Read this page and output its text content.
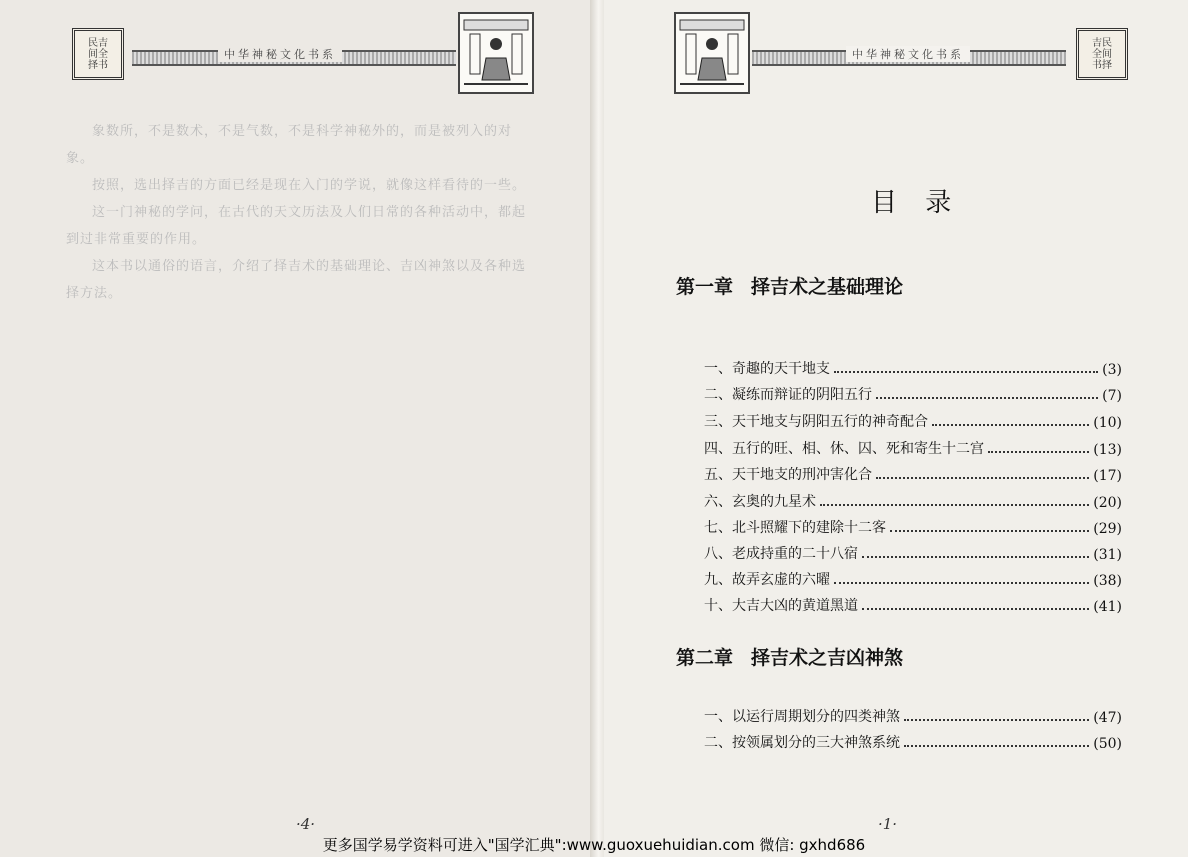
民吉
间全
择书
中华神秘文化书系

象数所，不是数术，不是气数，不是科学神秘外的，而是被列入的对象。

按照，选出择吉的方面已经是现在入门的学说，就像这样看待的一些。

这一门神秘的学问，在古代的天文历法及人们日常的各种活动中，都起到过非常重要的作用。

这本书以通俗的语言，介绍了择吉术的基础理论、吉凶神煞以及各种选择方法。

·4·
中华神秘文化书系
吉民
全间
书择
目 录
第一章 择吉术之基础理论
一、奇趣的天干地支	(3)
二、凝练而辩证的阴阳五行	(7)
三、天干地支与阴阳五行的神奇配合	(10)
四、五行的旺、相、休、囚、死和寄生十二宫	(13)
五、天干地支的刑冲害化合	(17)
六、玄奥的九星术	(20)
七、北斗照耀下的建除十二客	(29)
八、老成持重的二十八宿	(31)
九、故弄玄虚的六曜	(38)
十、大吉大凶的黄道黑道	(41)
第二章 择吉术之吉凶神煞
一、以运行周期划分的四类神煞	(47)
二、按领属划分的三大神煞系统	(50)
·1·
更多国学易学资料可进入"国学汇典":www.guoxuehuidian.com 微信: gxhd686
